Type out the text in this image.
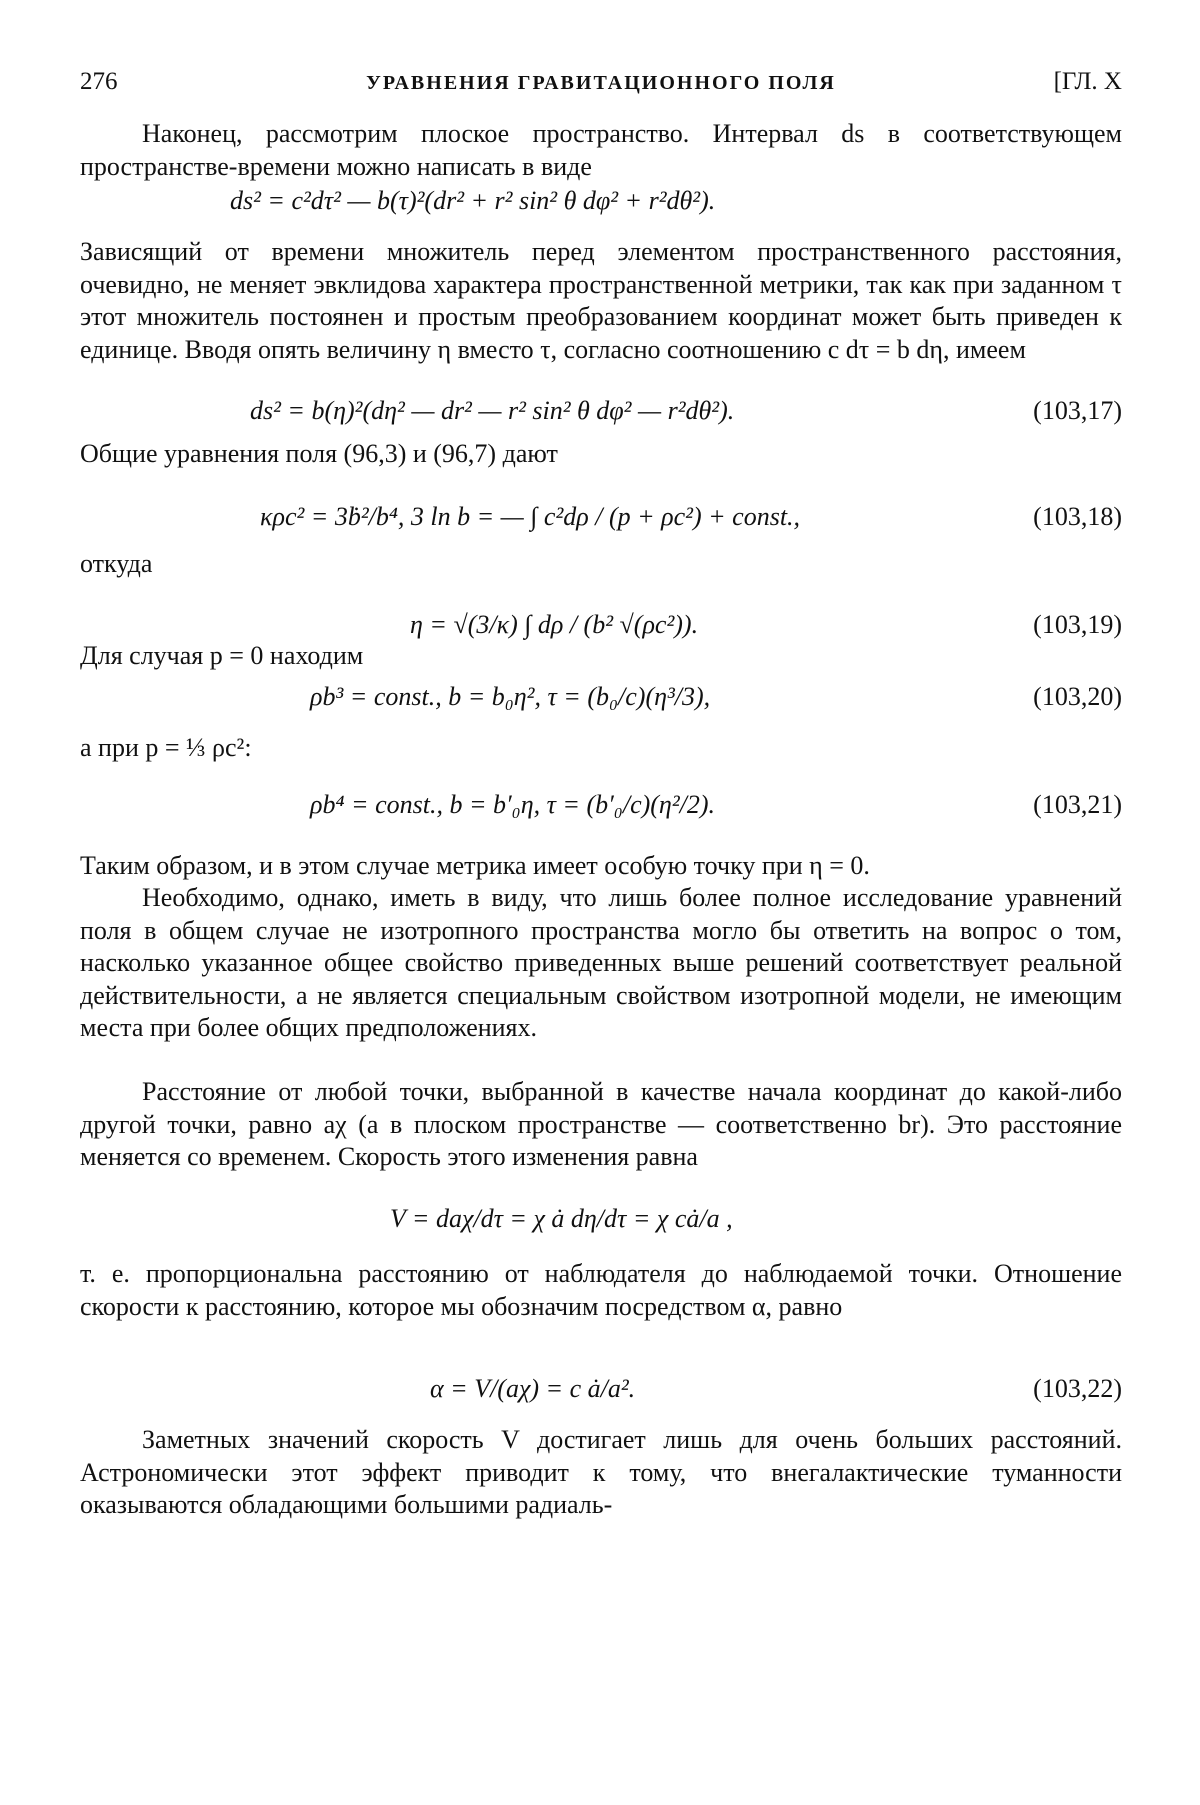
276	УРАВНЕНИЯ ГРАВИТАЦИОННОГО ПОЛЯ	[ГЛ. X

Наконец, рассмотрим плоское пространство. Интервал ds в соответствующем пространстве-времени можно написать в виде

ds² = c²dτ² — b(τ)²(dr² + r² sin² θ dφ² + r²dθ²).

Зависящий от времени множитель перед элементом пространственного расстояния, очевидно, не меняет эвклидова характера пространственной метрики, так как при заданном τ этот множитель постоянен и простым преобразованием координат может быть приведен к единице. Вводя опять величину η вместо τ, согласно соотношению c dτ = b dη, имеем

ds² = b(η)²(dη² — dr² — r² sin² θ dφ² — r²dθ²).	(103,17)

Общие уравнения поля (96,3) и (96,7) дают

κρc² = 3ḃ²/b⁴, 3 ln b = — ∫ c²dρ / (p + ρc²) + const.,	(103,18)

откуда

η = √(3/κ) ∫ dρ / (b² √(ρc²)).	(103,19)

Для случая p = 0 находим

ρb³ = const., b = b₀η², τ = (b₀/c)(η³/3),	(103,20)

а при p = ⅓ ρc²:

ρb⁴ = const., b = b′₀η, τ = (b′₀/c)(η²/2).	(103,21)

Таким образом, и в этом случае метрика имеет особую точку при η = 0.

Необходимо, однако, иметь в виду, что лишь более полное исследование уравнений поля в общем случае не изотропного пространства могло бы ответить на вопрос о том, насколько указанное общее свойство приведенных выше решений соответствует реальной действительности, а не является специальным свойством изотропной модели, не имеющим места при более общих предположениях.

Расстояние от любой точки, выбранной в качестве начала координат до какой-либо другой точки, равно aχ (а в плоском пространстве — соответственно br). Это расстояние меняется со временем. Скорость этого изменения равна

V = daχ/dτ = χ ȧ dη/dτ = χ cȧ/a ,

т. е. пропорциональна расстоянию от наблюдателя до наблюдаемой точки. Отношение скорости к расстоянию, которое мы обозначим посредством α, равно

α = V/(aχ) = c ȧ/a².	(103,22)

Заметных значений скорость V достигает лишь для очень больших расстояний. Астрономически этот эффект приводит к тому, что внегалактические туманности оказываются обладающими большими радиаль-
